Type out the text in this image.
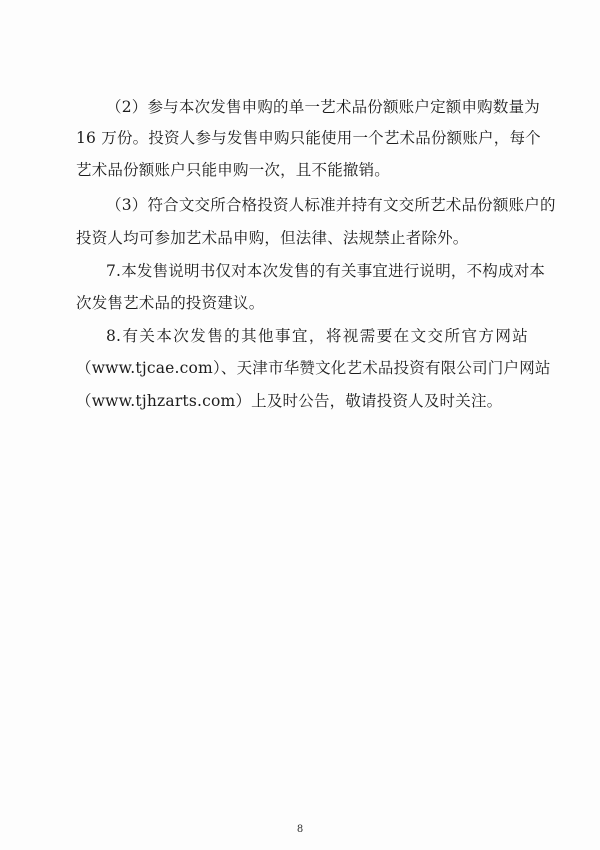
（2）参与本次发售申购的单一艺术品份额账户定额申购数量为
16 万份。投资人参与发售申购只能使用一个艺术品份额账户，每个
艺术品份额账户只能申购一次，且不能撤销。
（3）符合文交所合格投资人标准并持有文交所艺术品份额账户的
投资人均可参加艺术品申购，但法律、法规禁止者除外。
7.本发售说明书仅对本次发售的有关事宜进行说明，不构成对本
次发售艺术品的投资建议。
8.有关本次发售的其他事宜，将视需要在文交所官方网站
（www.tjcae.com）、天津市华赞文化艺术品投资有限公司门户网站
（www.tjhzarts.com）上及时公告，敬请投资人及时关注。
8
